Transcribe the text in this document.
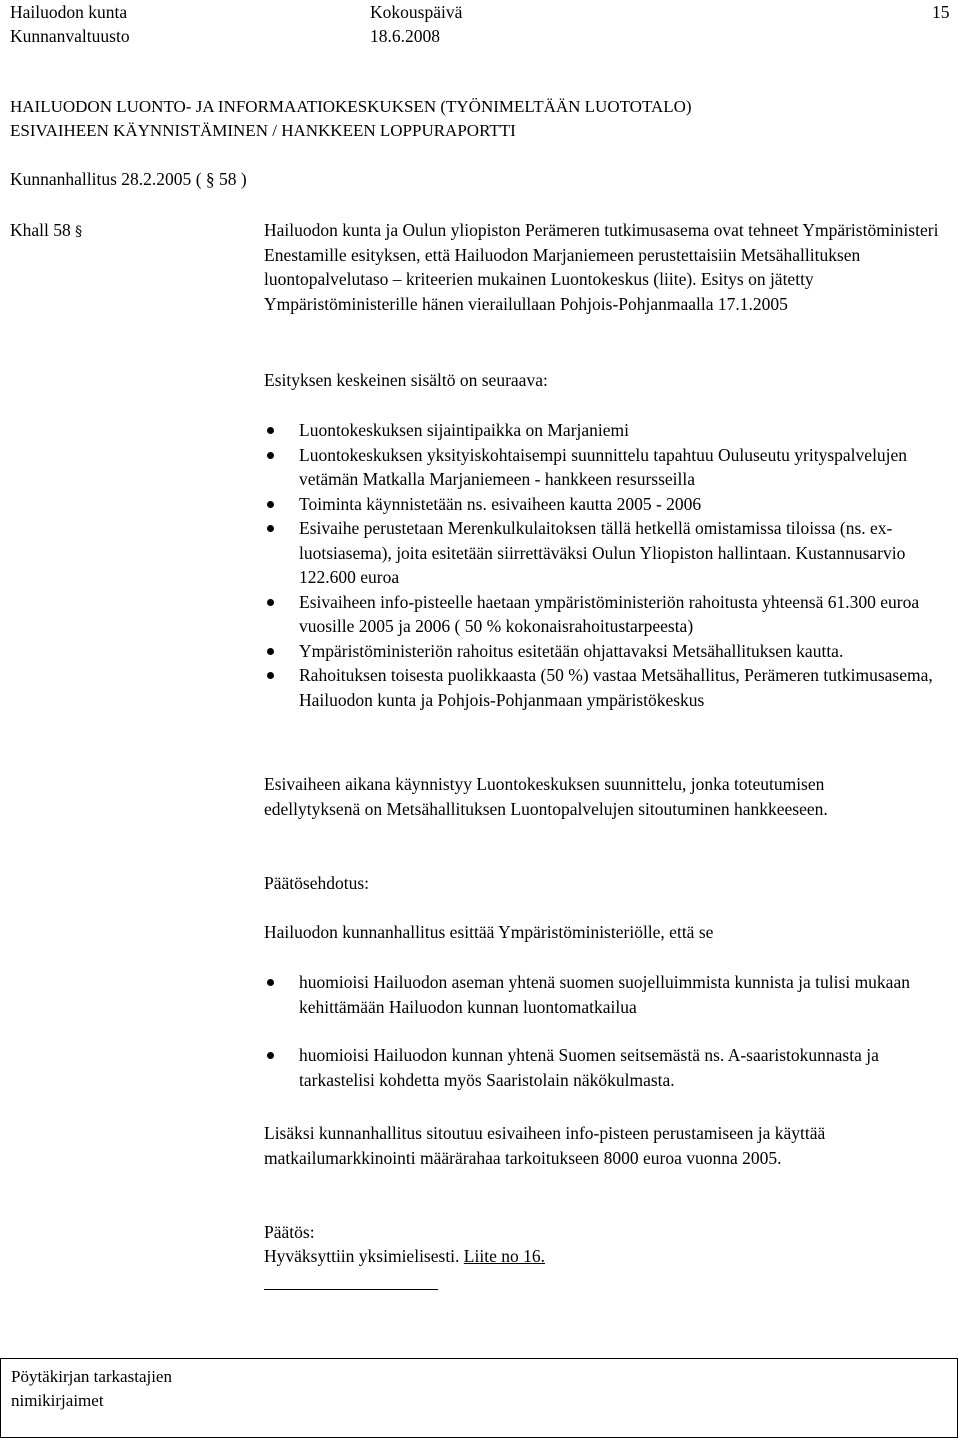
Hailuodon kunta
Kunnanvaltuusto
Kokouspäivä
18.6.2008
15
HAILUODON LUONTO- JA INFORMAATIOKESKUKSEN (TYÖNIMELTÄÄN LUOTOTALO)
ESIVAIHEEN KÄYNNISTÄMINEN / HANKKEEN LOPPURAPORTTI
Kunnanhallitus 28.2.2005 ( § 58 )
Khall 58 §	Hailuodon kunta ja Oulun yliopiston Perämeren tutkimusasema ovat tehneet Ympäristöministeri Enestamille esityksen, että Hailuodon Marjaniemeen perustettaisiin Metsähallituksen luontopalvelutaso – kriteerien mukainen Luontokeskus (liite). Esitys on jätetty Ympäristöministerille hänen vierailullaan Pohjois-Pohjanmaalla 17.1.2005
Esityksen keskeinen sisältö on seuraava:
Luontokeskuksen sijaintipaikka on Marjaniemi
Luontokeskuksen yksityiskohtaisempi suunnittelu tapahtuu Ouluseutu yrityspalvelujen vetämän Matkalla Marjaniemeen - hankkeen resursseilla
Toiminta käynnistetään ns. esivaiheen kautta 2005 - 2006
Esivaihe perustetaan Merenkulkulaitoksen tällä hetkellä omistamissa tiloissa (ns. ex-luotsiasema), joita esitetään siirrettäväksi Oulun Yliopiston hallintaan. Kustannusarvio 122.600 euroa
Esivaiheen info-pisteelle haetaan ympäristöministeriön rahoitusta yhteensä 61.300 euroa vuosille 2005 ja 2006 ( 50 % kokonaisrahoitustarpeesta)
Ympäristöministeriön rahoitus esitetään ohjattavaksi Metsähallituksen kautta.
Rahoituksen toisesta puolikkaasta (50 %) vastaa Metsähallitus, Perämeren tutkimusasema, Hailuodon kunta ja Pohjois-Pohjanmaan ympäristökeskus
Esivaiheen aikana käynnistyy Luontokeskuksen suunnittelu, jonka toteutumisen edellytyksenä on Metsähallituksen Luontopalvelujen sitoutuminen hankkeeseen.
Päätösehdotus:
Hailuodon kunnanhallitus esittää Ympäristöministeriölle, että se
huomioisi Hailuodon aseman yhtenä suomen suojelluimmista kunnista ja tulisi mukaan kehittämään Hailuodon kunnan luontomatkailua
huomioisi Hailuodon kunnan yhtenä Suomen seitsemästä ns. A-saaristokunnasta ja tarkastelisi kohdetta myös Saaristolain näkökulmasta.
Lisäksi kunnanhallitus sitoutuu esivaiheen info-pisteen perustamiseen ja käyttää matkailumarkkinointi määrärahaa tarkoitukseen 8000 euroa vuonna 2005.
Päätös:
Hyväksyttiin yksimielisesti. Liite no 16.
Pöytäkirjan tarkastajien
nimikirjaimet
